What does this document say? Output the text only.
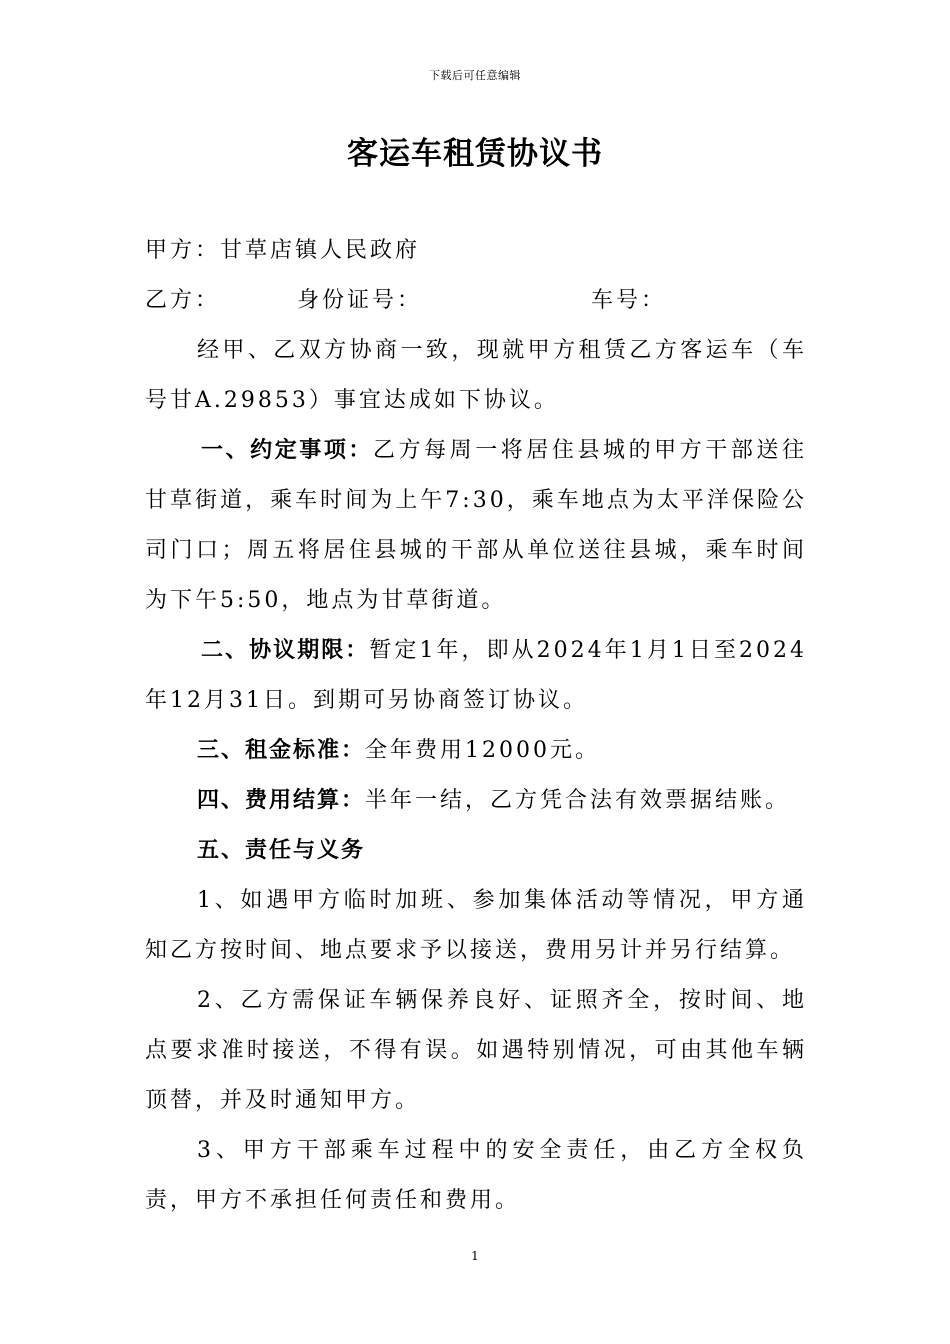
下载后可任意编辑
客运车租赁协议书

甲方：甘草店镇人民政府

乙方：	身份证号：	车号：

经甲、乙双方协商一致，现就甲方租赁乙方客运车（车号甘A.29853）事宜达成如下协议。

一、约定事项：乙方每周一将居住县城的甲方干部送往甘草街道，乘车时间为上午7:30，乘车地点为太平洋保险公司门口；周五将居住县城的干部从单位送往县城，乘车时间为下午5:50，地点为甘草街道。

二、协议期限：暂定1年，即从2024年1月1日至2024年12月31日。到期可另协商签订协议。

三、租金标准：全年费用12000元。

四、费用结算：半年一结，乙方凭合法有效票据结账。

五、责任与义务

1、如遇甲方临时加班、参加集体活动等情况，甲方通知乙方按时间、地点要求予以接送，费用另计并另行结算。

2、乙方需保证车辆保养良好、证照齐全，按时间、地点要求准时接送，不得有误。如遇特别情况，可由其他车辆顶替，并及时通知甲方。

3、甲方干部乘车过程中的安全责任，由乙方全权负责，甲方不承担任何责任和费用。

1
